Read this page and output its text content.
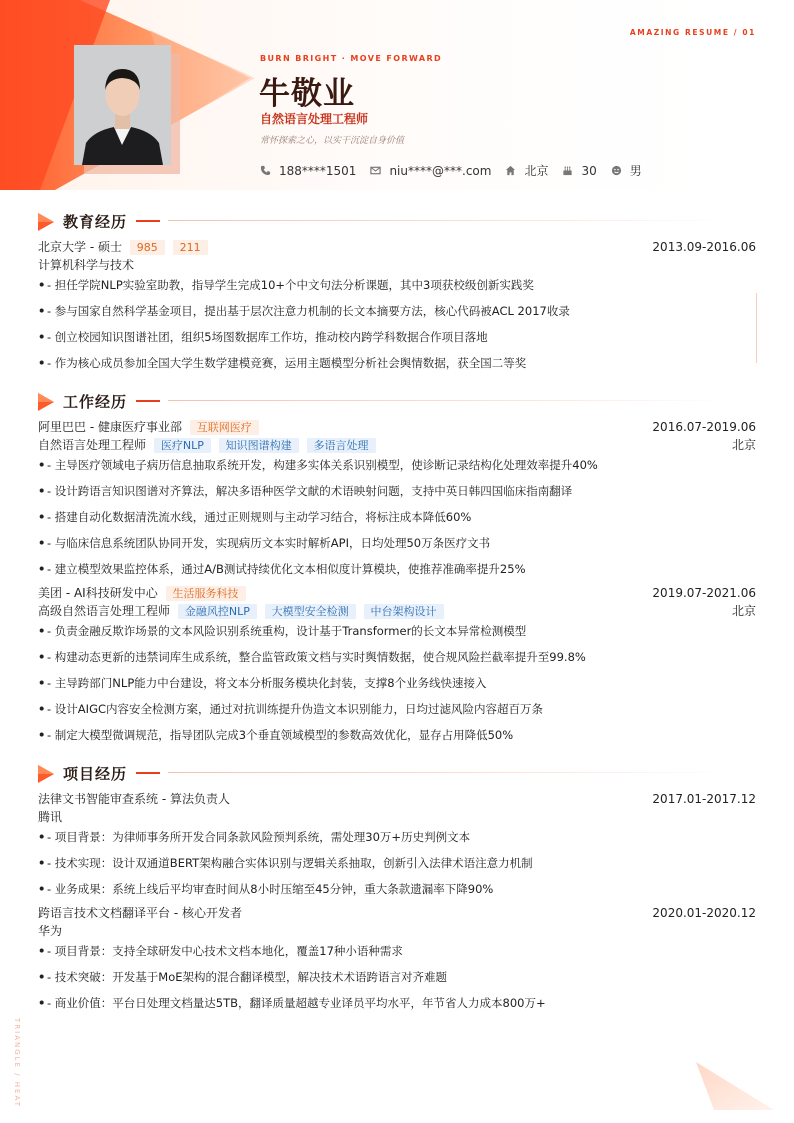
AMAZING RESUME / 01
BURN BRIGHT · MOVE FORWARD
牛敬业
自然语言处理工程师
常怀探索之心，以实干沉淀自身价值
188****1501	niu****@***.com	北京	30	男
教育经历
北京大学 - 硕士 985 211	2013.09-2016.06
计算机科学与技术
• - 担任学院NLP实验室助教，指导学生完成10+个中文句法分析课题，其中3项获校级创新实践奖
• - 参与国家自然科学基金项目，提出基于层次注意力机制的长文本摘要方法，核心代码被ACL 2017收录
• - 创立校园知识图谱社团，组织5场图数据库工作坊，推动校内跨学科数据合作项目落地
• - 作为核心成员参加全国大学生数学建模竞赛，运用主题模型分析社会舆情数据，获全国二等奖
工作经历
阿里巴巴 - 健康医疗事业部 互联网医疗	2016.07-2019.06
自然语言处理工程师 医疗NLP 知识图谱构建 多语言处理	北京
• - 主导医疗领域电子病历信息抽取系统开发，构建多实体关系识别模型，使诊断记录结构化处理效率提升40%
• - 设计跨语言知识图谱对齐算法，解决多语种医学文献的术语映射问题，支持中英日韩四国临床指南翻译
• - 搭建自动化数据清洗流水线，通过正则规则与主动学习结合，将标注成本降低60%
• - 与临床信息系统团队协同开发，实现病历文本实时解析API，日均处理50万条医疗文书
• - 建立模型效果监控体系，通过A/B测试持续优化文本相似度计算模块，使推荐准确率提升25%
美团 - AI科技研发中心 生活服务科技	2019.07-2021.06
高级自然语言处理工程师 金融风控NLP 大模型安全检测 中台架构设计	北京
• - 负责金融反欺诈场景的文本风险识别系统重构，设计基于Transformer的长文本异常检测模型
• - 构建动态更新的违禁词库生成系统，整合监管政策文档与实时舆情数据，使合规风险拦截率提升至99.8%
• - 主导跨部门NLP能力中台建设，将文本分析服务模块化封装，支撑8个业务线快速接入
• - 设计AIGC内容安全检测方案，通过对抗训练提升伪造文本识别能力，日均过滤风险内容超百万条
• - 制定大模型微调规范，指导团队完成3个垂直领域模型的参数高效优化，显存占用降低50%
项目经历
法律文书智能审查系统 - 算法负责人	2017.01-2017.12
腾讯
• - 项目背景：为律师事务所开发合同条款风险预判系统，需处理30万+历史判例文本
• - 技术实现：设计双通道BERT架构融合实体识别与逻辑关系抽取，创新引入法律术语注意力机制
• - 业务成果：系统上线后平均审查时间从8小时压缩至45分钟，重大条款遗漏率下降90%
跨语言技术文档翻译平台 - 核心开发者	2020.01-2020.12
华为
• - 项目背景：支持全球研发中心技术文档本地化，覆盖17种小语种需求
• - 技术突破：开发基于MoE架构的混合翻译模型，解决技术术语跨语言对齐难题
• - 商业价值：平台日处理文档量达5TB，翻译质量超越专业译员平均水平，年节省人力成本800万+
TRIANGLE / HEAT
